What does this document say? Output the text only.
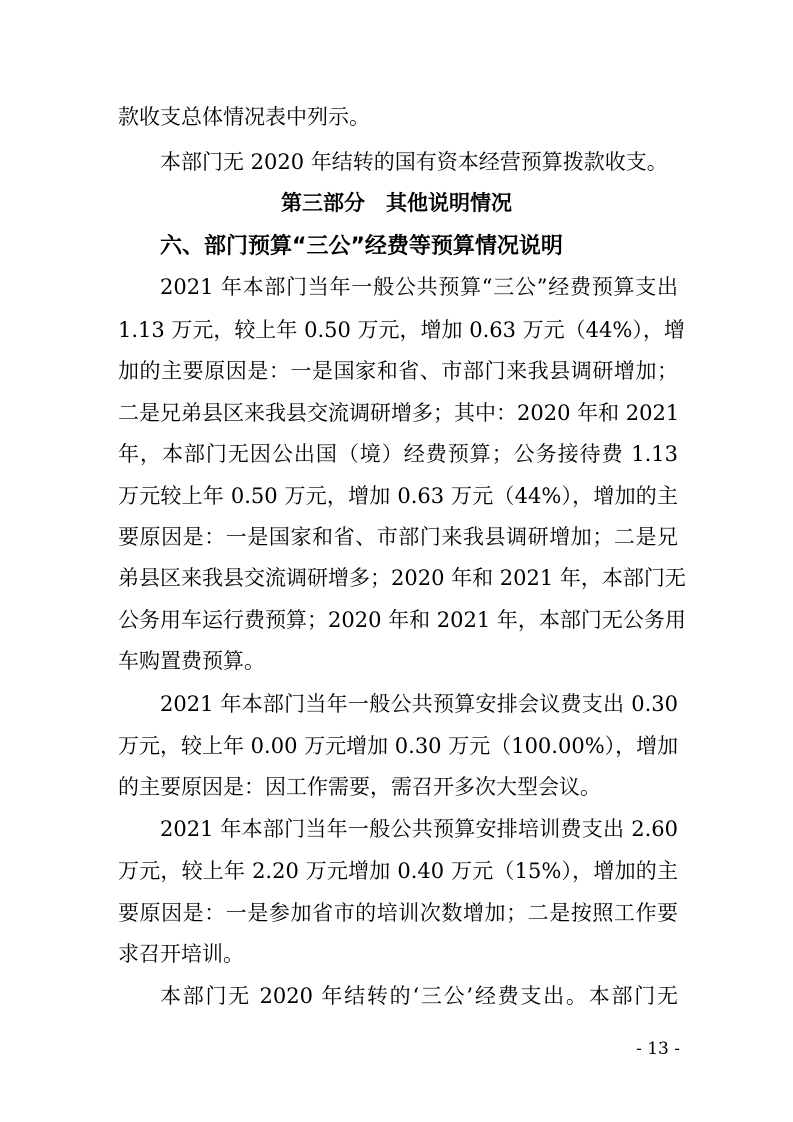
款收支总体情况表中列示。
本部门无 2020 年结转的国有资本经营预算拨款收支。
第三部分　其他说明情况
六、部门预算“三公”经费等预算情况说明
2021 年本部门当年一般公共预算“三公”经费预算支出
1.13 万元，较上年 0.50 万元，增加 0.63 万元（44%），增
加的主要原因是：一是国家和省、市部门来我县调研增加；
二是兄弟县区来我县交流调研增多；其中：2020 年和 2021
年，本部门无因公出国（境）经费预算；公务接待费 1.13
万元较上年 0.50 万元，增加 0.63 万元（44%），增加的主
要原因是：一是国家和省、市部门来我县调研增加；二是兄
弟县区来我县交流调研增多；2020 年和 2021 年，本部门无
公务用车运行费预算；2020 年和 2021 年，本部门无公务用
车购置费预算。
2021 年本部门当年一般公共预算安排会议费支出 0.30
万元，较上年 0.00 万元增加 0.30 万元（100.00%），增加
的主要原因是：因工作需要，需召开多次大型会议。
2021 年本部门当年一般公共预算安排培训费支出 2.60
万元，较上年 2.20 万元增加 0.40 万元（15%），增加的主
要原因是：一是参加省市的培训次数增加；二是按照工作要
求召开培训。
本部门无 2020 年结转的‘三公’经费支出。本部门无
- 13 -
